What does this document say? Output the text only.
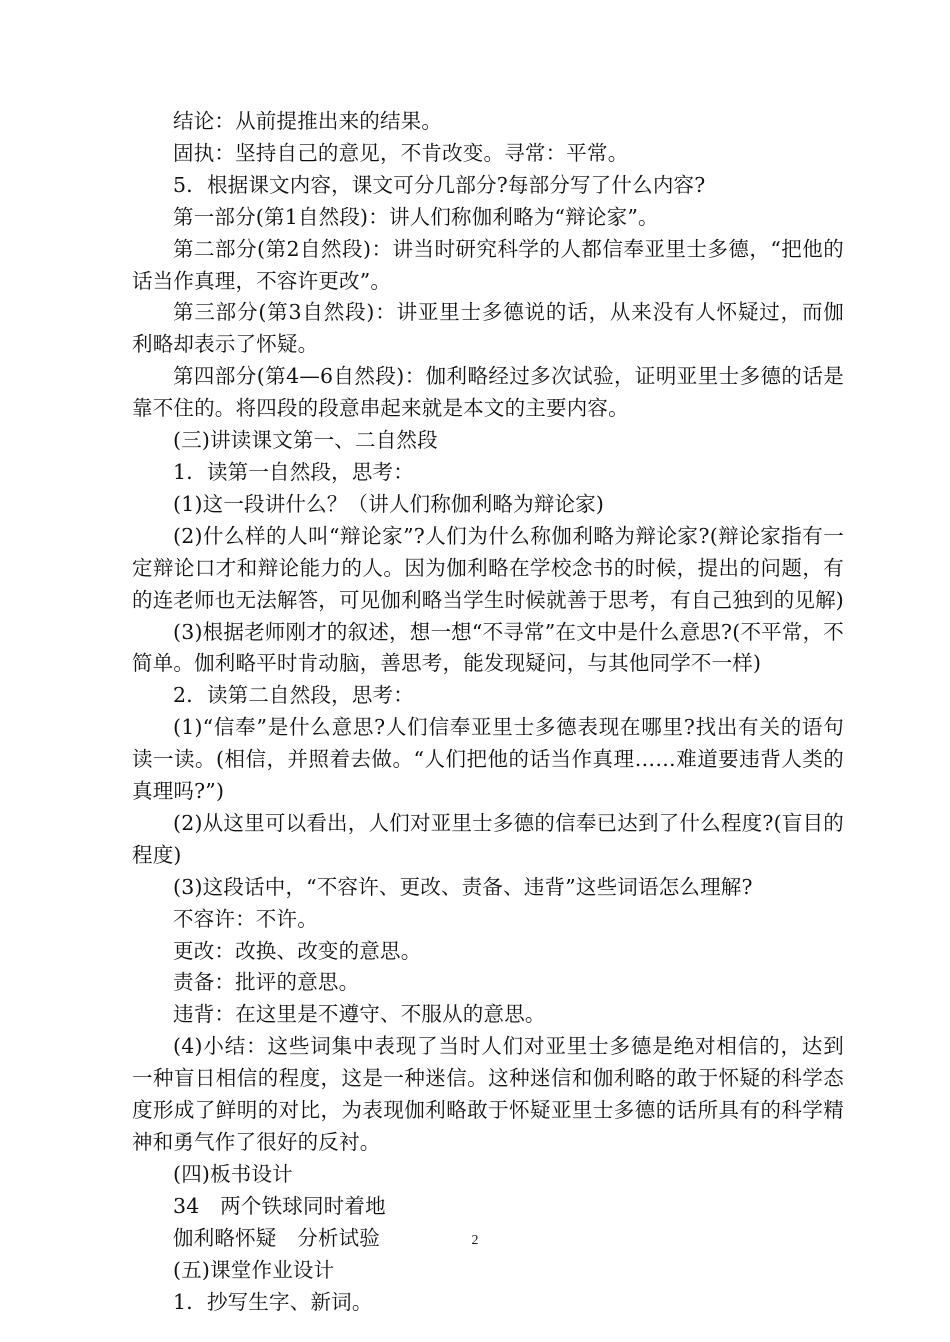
结论：从前提推出来的结果。

固执：坚持自己的意见，不肯改变。寻常：平常。

5．根据课文内容，课文可分几部分?每部分写了什么内容?

第一部分(第1自然段)：讲人们称伽利略为“辩论家”。

第二部分(第2自然段)：讲当时研究科学的人都信奉亚里士多德，“把他的话当作真理，不容许更改”。

第三部分(第3自然段)：讲亚里士多德说的话，从来没有人怀疑过，而伽利略却表示了怀疑。

第四部分(第4—6自然段)：伽利略经过多次试验，证明亚里士多德的话是靠不住的。将四段的段意串起来就是本文的主要内容。

(三)讲读课文第一、二自然段

1．读第一自然段，思考：

(1)这一段讲什么？（讲人们称伽利略为辩论家)

(2)什么样的人叫“辩论家”?人们为什么称伽利略为辩论家?(辩论家指有一定辩论口才和辩论能力的人。因为伽利略在学校念书的时候，提出的问题，有的连老师也无法解答，可见伽利略当学生时候就善于思考，有自己独到的见解)

(3)根据老师刚才的叙述，想一想“不寻常”在文中是什么意思?(不平常，不简单。伽利略平时肯动脑，善思考，能发现疑问，与其他同学不一样)

2．读第二自然段，思考：

(1)“信奉”是什么意思?人们信奉亚里士多德表现在哪里?找出有关的语句读一读。(相信，并照着去做。“人们把他的话当作真理……难道要违背人类的真理吗?”)

(2)从这里可以看出，人们对亚里士多德的信奉已达到了什么程度?(盲目的程度)

(3)这段话中，“不容许、更改、责备、违背”这些词语怎么理解?

不容许：不许。

更改：改换、改变的意思。

责备：批评的意思。

违背：在这里是不遵守、不服从的意思。

(4)小结：这些词集中表现了当时人们对亚里士多德是绝对相信的，达到一种盲日相信的程度，这是一种迷信。这种迷信和伽利略的敢于怀疑的科学态度形成了鲜明的对比，为表现伽利略敢于怀疑亚里士多德的话所具有的科学精神和勇气作了很好的反衬。

(四)板书设计

34　两个铁球同时着地

伽利略怀疑　分析试验

(五)课堂作业设计

1．抄写生字、新词。

2
